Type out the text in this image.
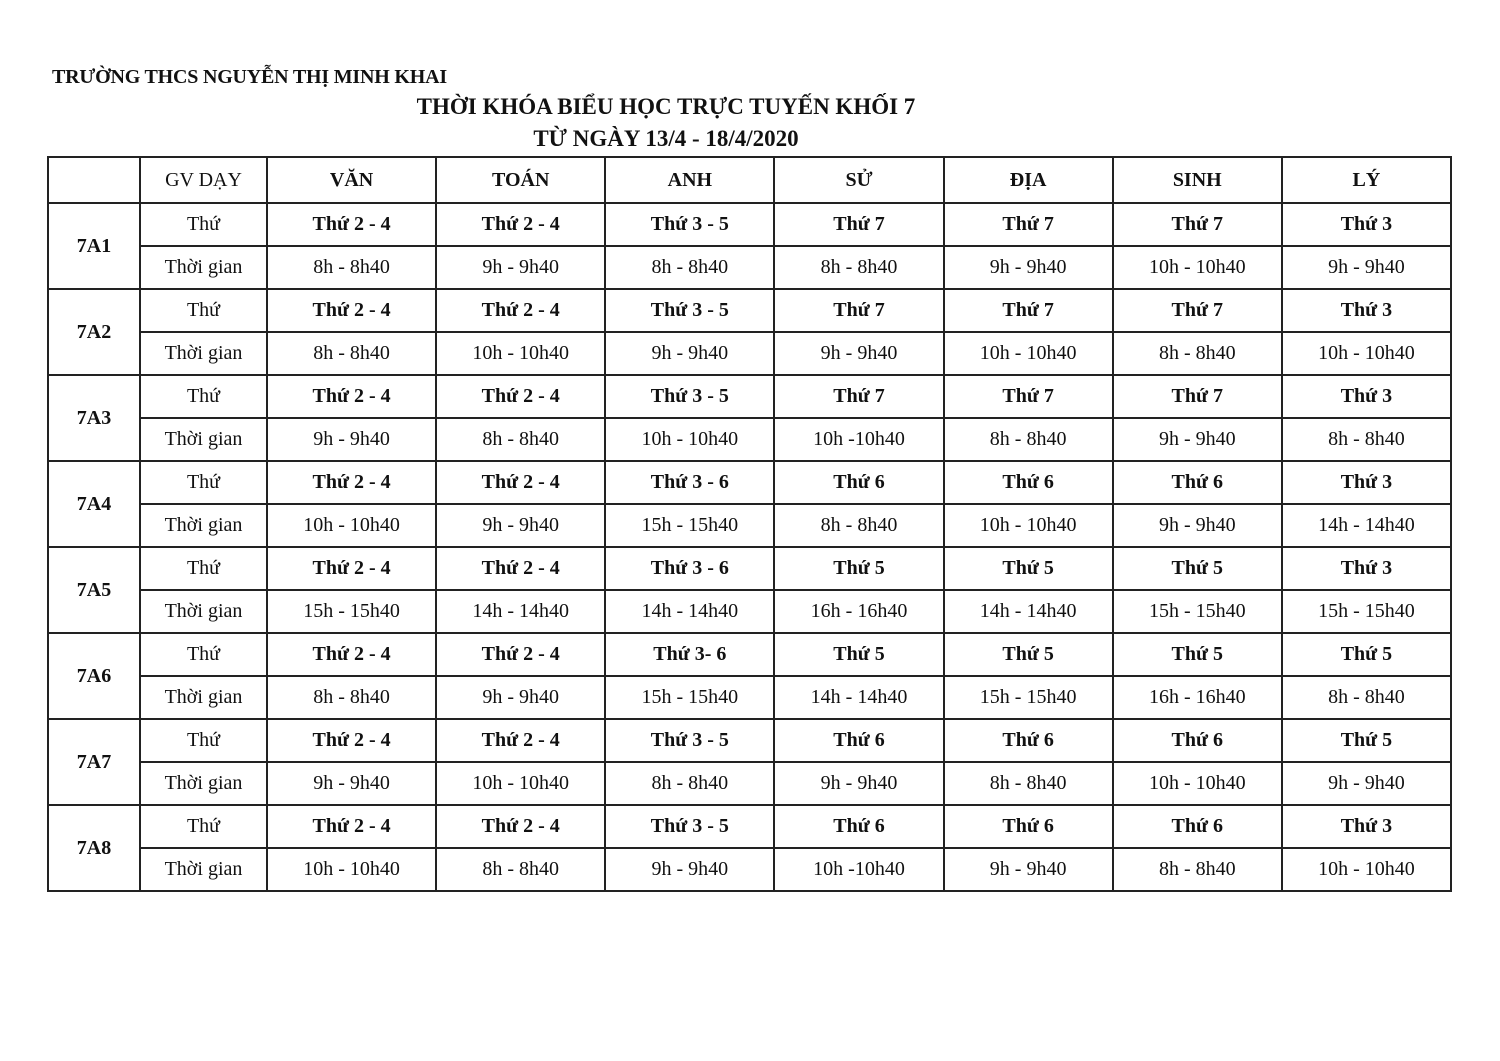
TRƯỜNG THCS NGUYỄN THỊ MINH KHAI
THỜI KHÓA BIỂU HỌC TRỰC TUYẾN KHỐI 7
TỪ NGÀY 13/4 - 18/4/2020
	GV DẠY	VĂN	TOÁN	ANH	SỬ	ĐỊA	SINH	LÝ
7A1	Thứ	Thứ 2 - 4	Thứ 2 - 4	Thứ 3 - 5	Thứ 7	Thứ 7	Thứ 7	Thứ 3
	Thời gian	8h - 8h40	9h - 9h40	8h - 8h40	8h - 8h40	9h - 9h40	10h - 10h40	9h - 9h40
7A2	Thứ	Thứ 2 - 4	Thứ 2 - 4	Thứ 3 - 5	Thứ 7	Thứ 7	Thứ 7	Thứ 3
	Thời gian	8h - 8h40	10h - 10h40	9h - 9h40	9h - 9h40	10h - 10h40	8h - 8h40	10h - 10h40
7A3	Thứ	Thứ 2 - 4	Thứ 2 - 4	Thứ 3 - 5	Thứ 7	Thứ 7	Thứ 7	Thứ 3
	Thời gian	9h - 9h40	8h - 8h40	10h - 10h40	10h -10h40	8h - 8h40	9h - 9h40	8h - 8h40
7A4	Thứ	Thứ 2 - 4	Thứ 2 - 4	Thứ 3 - 6	Thứ 6	Thứ 6	Thứ 6	Thứ 3
	Thời gian	10h - 10h40	9h - 9h40	15h - 15h40	8h - 8h40	10h - 10h40	9h - 9h40	14h - 14h40
7A5	Thứ	Thứ 2 - 4	Thứ 2 - 4	Thứ 3 - 6	Thứ 5	Thứ 5	Thứ 5	Thứ 3
	Thời gian	15h - 15h40	14h - 14h40	14h - 14h40	16h - 16h40	14h - 14h40	15h - 15h40	15h - 15h40
7A6	Thứ	Thứ 2 - 4	Thứ 2 - 4	Thứ 3- 6	Thứ 5	Thứ 5	Thứ 5	Thứ 5
	Thời gian	8h - 8h40	9h - 9h40	15h - 15h40	14h - 14h40	15h - 15h40	16h - 16h40	8h - 8h40
7A7	Thứ	Thứ 2 - 4	Thứ 2 - 4	Thứ 3 - 5	Thứ 6	Thứ 6	Thứ 6	Thứ 5
	Thời gian	9h - 9h40	10h - 10h40	8h - 8h40	9h - 9h40	8h - 8h40	10h - 10h40	9h - 9h40
7A8	Thứ	Thứ 2 - 4	Thứ 2 - 4	Thứ 3 - 5	Thứ 6	Thứ 6	Thứ 6	Thứ 3
	Thời gian	10h - 10h40	8h - 8h40	9h - 9h40	10h -10h40	9h - 9h40	8h - 8h40	10h - 10h40
